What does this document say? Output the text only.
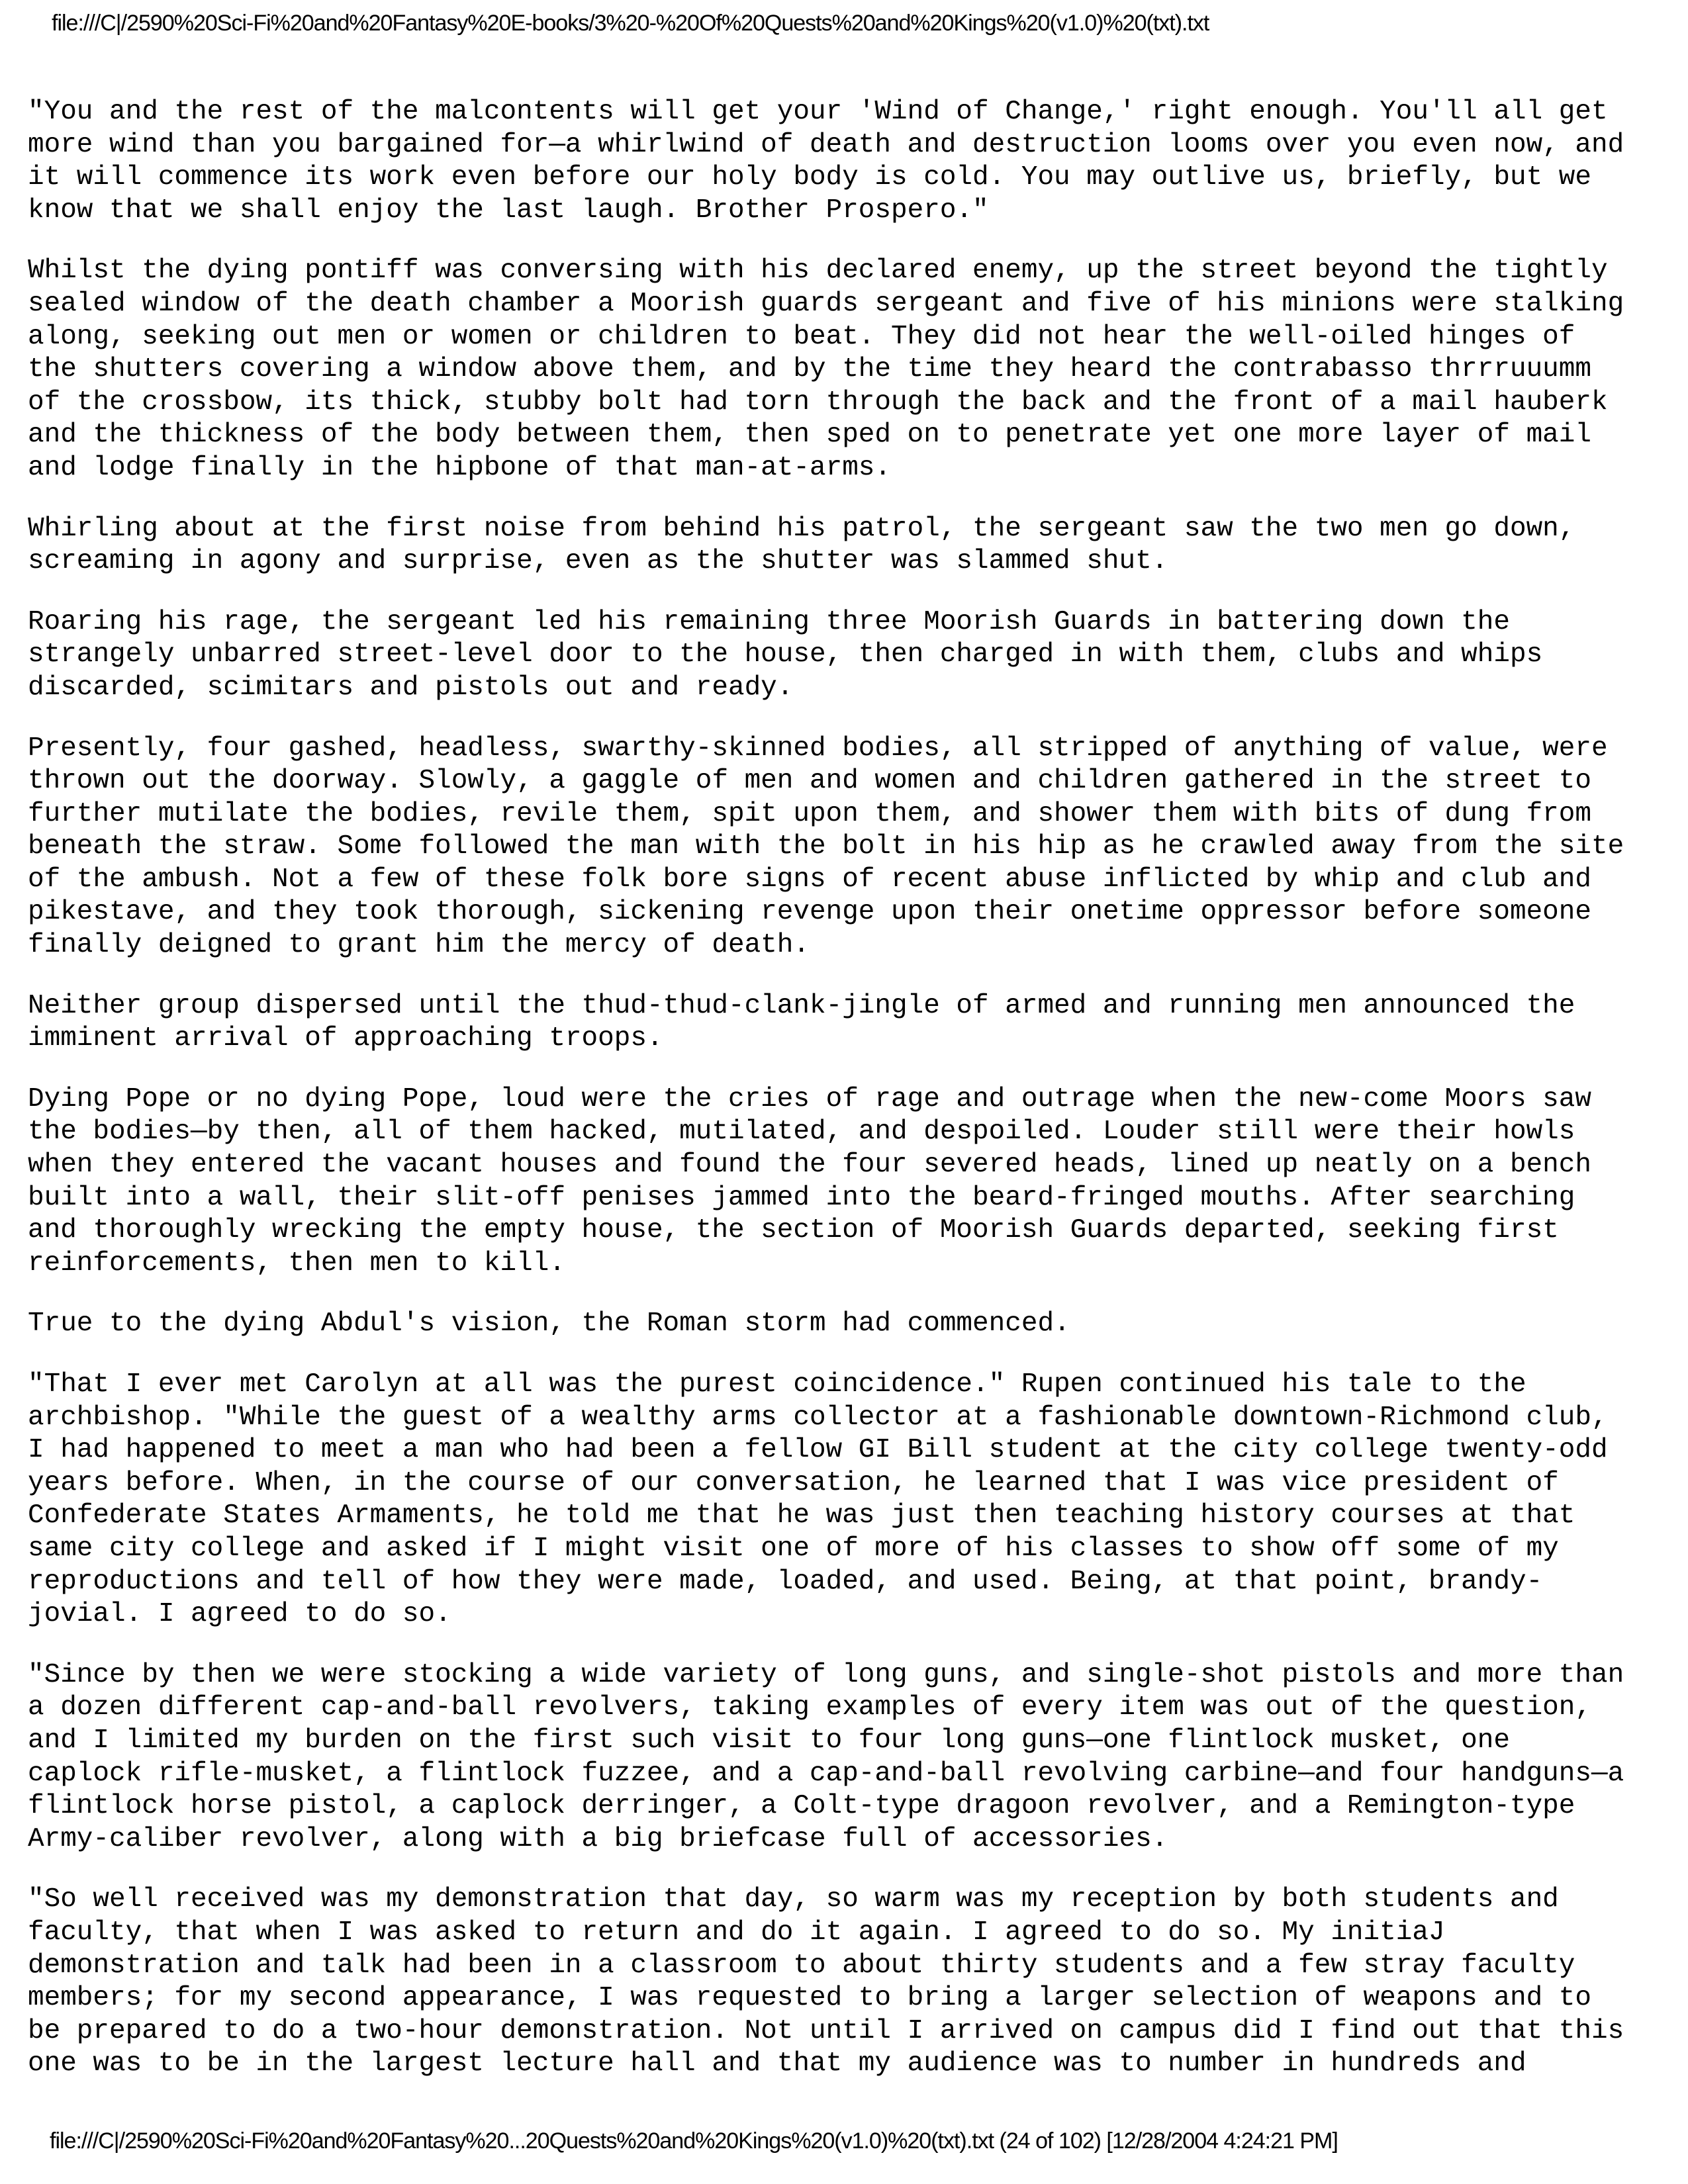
file:///C|/2590%20Sci-Fi%20and%20Fantasy%20E-books/3%20-%20Of%20Quests%20and%20Kings%20(v1.0)%20(txt).txt

"You and the rest of the malcontents will get your 'Wind of Change,' right enough. You'll all get
more wind than you bargained for—a whirlwind of death and destruction looms over you even now, and
it will commence its work even before our holy body is cold. You may outlive us, briefly, but we
know that we shall enjoy the last laugh. Brother Prospero."

Whilst the dying pontiff was conversing with his declared enemy, up the street beyond the tightly
sealed window of the death chamber a Moorish guards sergeant and five of his minions were stalking
along, seeking out men or women or children to beat. They did not hear the well-oiled hinges of
the shutters covering a window above them, and by the time they heard the contrabasso thrrruuumm
of the crossbow, its thick, stubby bolt had torn through the back and the front of a mail hauberk
and the thickness of the body between them, then sped on to penetrate yet one more layer of mail
and lodge finally in the hipbone of that man-at-arms.

Whirling about at the first noise from behind his patrol, the sergeant saw the two men go down,
screaming in agony and surprise, even as the shutter was slammed shut.

Roaring his rage, the sergeant led his remaining three Moorish Guards in battering down the
strangely unbarred street-level door to the house, then charged in with them, clubs and whips
discarded, scimitars and pistols out and ready.

Presently, four gashed, headless, swarthy-skinned bodies, all stripped of anything of value, were
thrown out the doorway. Slowly, a gaggle of men and women and children gathered in the street to
further mutilate the bodies, revile them, spit upon them, and shower them with bits of dung from
beneath the straw. Some followed the man with the bolt in his hip as he crawled away from the site
of the ambush. Not a few of these folk bore signs of recent abuse inflicted by whip and club and
pikestave, and they took thorough, sickening revenge upon their onetime oppressor before someone
finally deigned to grant him the mercy of death.

Neither group dispersed until the thud-thud-clank-jingle of armed and running men announced the
imminent arrival of approaching troops.

Dying Pope or no dying Pope, loud were the cries of rage and outrage when the new-come Moors saw
the bodies—by then, all of them hacked, mutilated, and despoiled. Louder still were their howls
when they entered the vacant houses and found the four severed heads, lined up neatly on a bench
built into a wall, their slit-off penises jammed into the beard-fringed mouths. After searching
and thoroughly wrecking the empty house, the section of Moorish Guards departed, seeking first
reinforcements, then men to kill.

True to the dying Abdul's vision, the Roman storm had commenced.

"That I ever met Carolyn at all was the purest coincidence." Rupen continued his tale to the
archbishop. "While the guest of a wealthy arms collector at a fashionable downtown-Richmond club,
I had happened to meet a man who had been a fellow GI Bill student at the city college twenty-odd
years before. When, in the course of our conversation, he learned that I was vice president of
Confederate States Armaments, he told me that he was just then teaching history courses at that
same city college and asked if I might visit one of more of his classes to show off some of my
reproductions and tell of how they were made, loaded, and used. Being, at that point, brandy-
jovial. I agreed to do so.

"Since by then we were stocking a wide variety of long guns, and single-shot pistols and more than
a dozen different cap-and-ball revolvers, taking examples of every item was out of the question,
and I limited my burden on the first such visit to four long guns—one flintlock musket, one
caplock rifle-musket, a flintlock fuzzee, and a cap-and-ball revolving carbine—and four handguns—a
flintlock horse pistol, a caplock derringer, a Colt-type dragoon revolver, and a Remington-type
Army-caliber revolver, along with a big briefcase full of accessories.

"So well received was my demonstration that day, so warm was my reception by both students and
faculty, that when I was asked to return and do it again. I agreed to do so. My initiaJ
demonstration and talk had been in a classroom to about thirty students and a few stray faculty
members; for my second appearance, I was requested to bring a larger selection of weapons and to
be prepared to do a two-hour demonstration. Not until I arrived on campus did I find out that this
one was to be in the largest lecture hall and that my audience was to number in hundreds and

file:///C|/2590%20Sci-Fi%20and%20Fantasy%20...20Quests%20and%20Kings%20(v1.0)%20(txt).txt (24 of 102) [12/28/2004 4:24:21 PM]
